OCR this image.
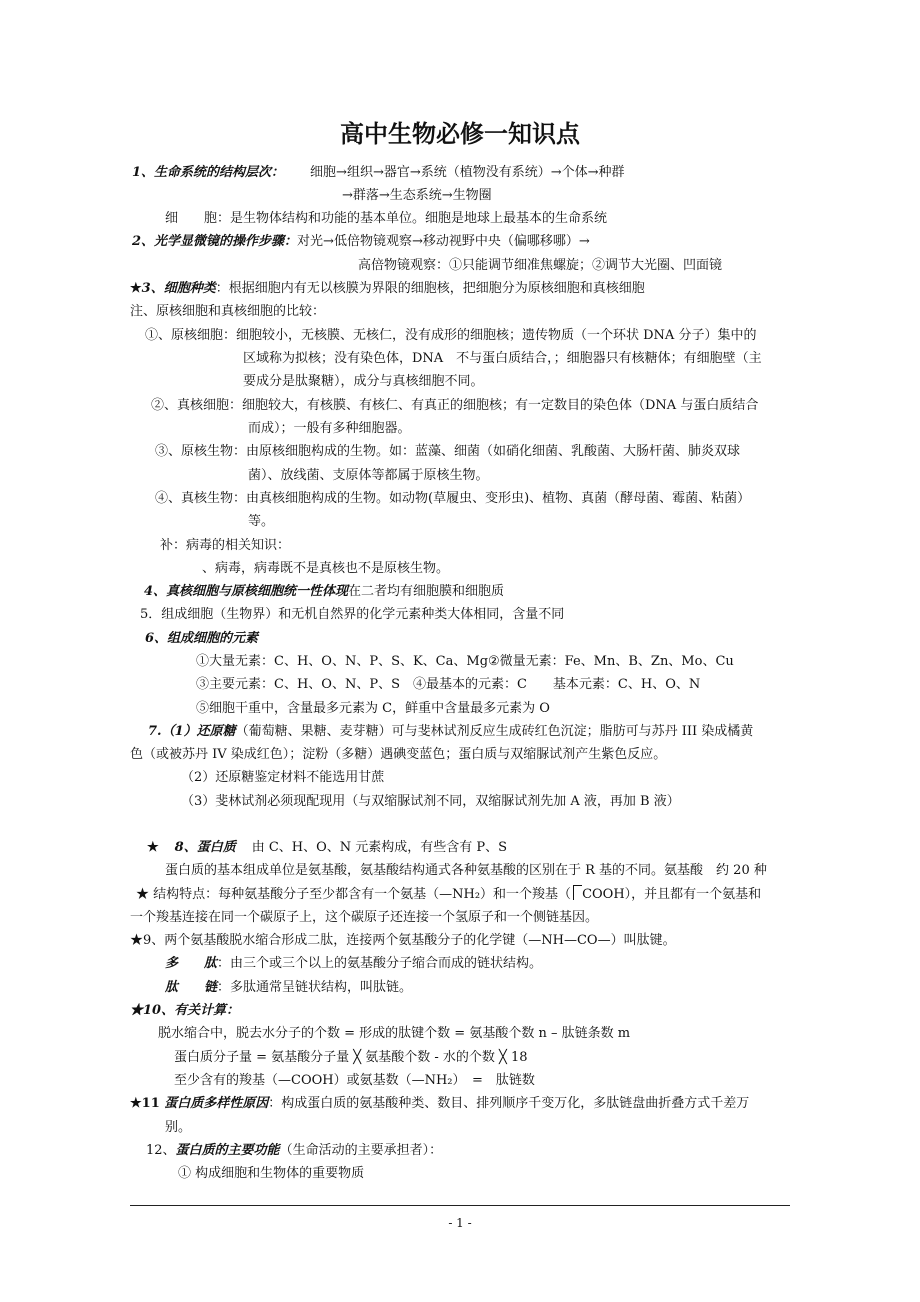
高中生物必修一知识点
1、生命系统的结构层次： 细胞→组织→器官→系统（植物没有系统）→个体→种群
→群落→生态系统→生物圈
细　　胞：是生物体结构和功能的基本单位。细胞是地球上最基本的生命系统
2、光学显微镜的操作步骤：对光→低倍物镜观察→移动视野中央（偏哪移哪）→
高倍物镜观察：①只能调节细准焦螺旋；②调节大光圈、凹面镜
★3、细胞种类：根据细胞内有无以核膜为界限的细胞核，把细胞分为原核细胞和真核细胞
注、原核细胞和真核细胞的比较：
①、原核细胞：细胞较小，无核膜、无核仁，没有成形的细胞核；遗传物质（一个环状 DNA 分子）集中的
区域称为拟核；没有染色体，DNA　不与蛋白质结合，；细胞器只有核糖体；有细胞壁（主
要成分是肽聚糖），成分与真核细胞不同。
②、真核细胞：细胞较大，有核膜、有核仁、有真正的细胞核；有一定数目的染色体（DNA 与蛋白质结合
而成）；一般有多种细胞器。
③、原核生物：由原核细胞构成的生物。如：蓝藻、细菌（如硝化细菌、乳酸菌、大肠杆菌、肺炎双球
菌）、放线菌、支原体等都属于原核生物。
④、真核生物：由真核细胞构成的生物。如动物(草履虫、变形虫)、植物、真菌（酵母菌、霉菌、粘菌）
等。
补：病毒的相关知识：
、病毒，病毒既不是真核也不是原核生物。
4、真核细胞与原核细胞统一性体现在二者均有细胞膜和细胞质
5．组成细胞（生物界）和无机自然界的化学元素种类大体相同，含量不同
6、组成细胞的元素
①大量无素：C、H、O、N、P、S、K、Ca、Mg②微量无素：Fe、Mn、B、Zn、Mo、Cu
③主要元素：C、H、O、N、P、S　④最基本的元素：C　　基本元素：C、H、O、N
⑤细胞干重中，含量最多元素为 C，鲜重中含量最多元素为 O
7.（1）还原糖（葡萄糖、果糖、麦芽糖）可与斐林试剂反应生成砖红色沉淀；脂肪可与苏丹 III 染成橘黄
色（或被苏丹 IV 染成红色）；淀粉（多糖）遇碘变蓝色；蛋白质与双缩脲试剂产生紫色反应。
（2）还原糖鉴定材料不能选用甘蔗
（3）斐林试剂必须现配现用（与双缩脲试剂不同，双缩脲试剂先加 A 液，再加 B 液）
★ 8、蛋白质 由 C、H、O、N 元素构成，有些含有 P、S
蛋白质的基本组成单位是氨基酸，氨基酸结构通式各种氨基酸的区别在于 R 基的不同。氨基酸　约 20 种
★ 结构特点：每种氨基酸分子至少都含有一个氨基（—NH₂）和一个羧基（ COOH），并且都有一个氨基和
一个羧基连接在同一个碳原子上，这个碳原子还连接一个氢原子和一个侧链基因。
★9、两个氨基酸脱水缩合形成二肽，连接两个氨基酸分子的化学键（—NH—CO—）叫肽键。
多　　肽：由三个或三个以上的氨基酸分子缩合而成的链状结构。
肽　　链：多肽通常呈链状结构，叫肽链。
★10、有关计算：
脱水缩合中，脱去水分子的个数 = 形成的肽键个数 = 氨基酸个数 n – 肽链条数 m
蛋白质分子量 = 氨基酸分子量 ╳ 氨基酸个数 - 水的个数 ╳ 18
至少含有的羧基（—COOH）或氨基数（—NH₂）　=　肽链数
★11 蛋白质多样性原因：构成蛋白质的氨基酸种类、数目、排列顺序千变万化，多肽链盘曲折叠方式千差万
别。
12、蛋白质的主要功能（生命活动的主要承担者）：
① 构成细胞和生物体的重要物质
- 1 -
